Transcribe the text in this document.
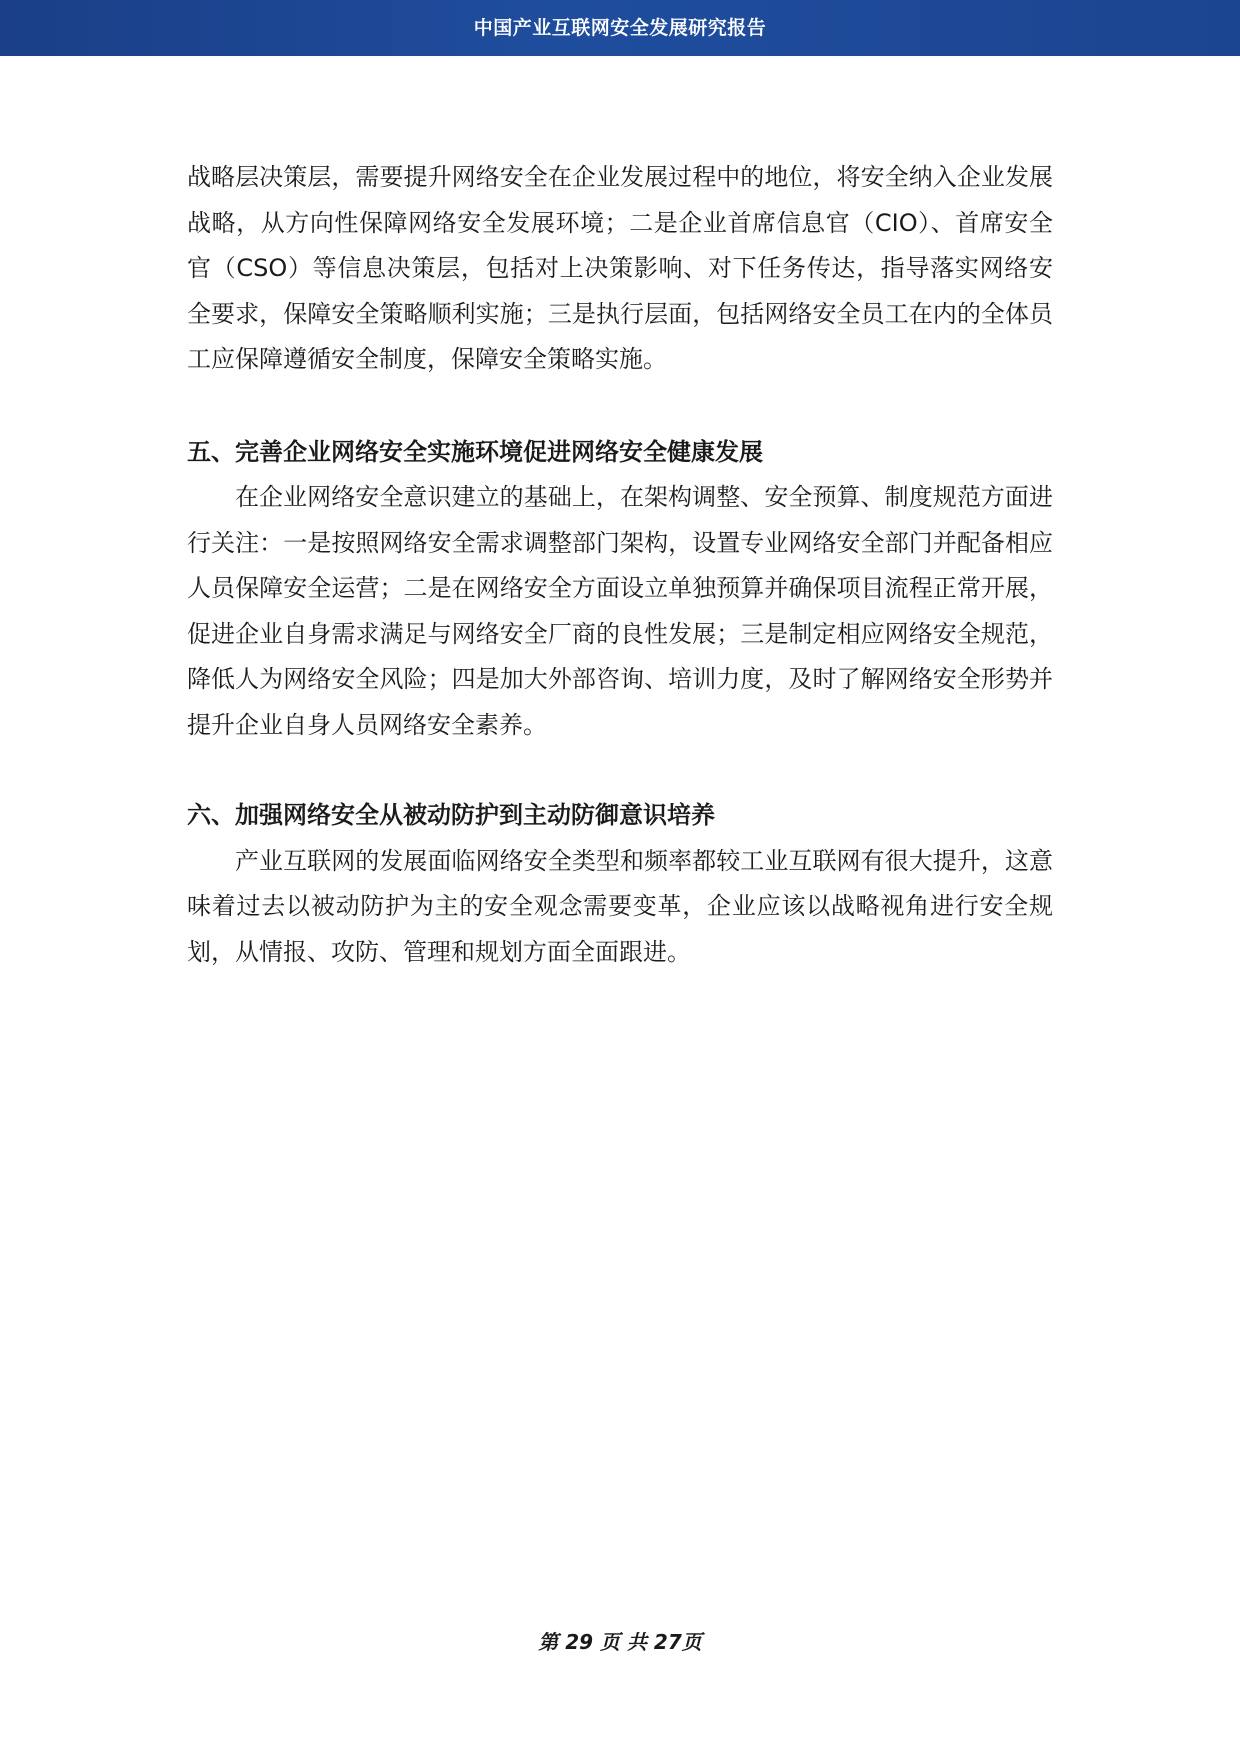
中国产业互联网安全发展研究报告

战略层决策层，需要提升网络安全在企业发展过程中的地位，将安全纳入企业发展战略，从方向性保障网络安全发展环境；二是企业首席信息官（CIO）、首席安全官（CSO）等信息决策层，包括对上决策影响、对下任务传达，指导落实网络安全要求，保障安全策略顺利实施；三是执行层面，包括网络安全员工在内的全体员工应保障遵循安全制度，保障安全策略实施。

五、完善企业网络安全实施环境促进网络安全健康发展

在企业网络安全意识建立的基础上，在架构调整、安全预算、制度规范方面进行关注：一是按照网络安全需求调整部门架构，设置专业网络安全部门并配备相应人员保障安全运营；二是在网络安全方面设立单独预算并确保项目流程正常开展，促进企业自身需求满足与网络安全厂商的良性发展；三是制定相应网络安全规范，降低人为网络安全风险；四是加大外部咨询、培训力度，及时了解网络安全形势并提升企业自身人员网络安全素养。

六、加强网络安全从被动防护到主动防御意识培养

产业互联网的发展面临网络安全类型和频率都较工业互联网有很大提升，这意味着过去以被动防护为主的安全观念需要变革，企业应该以战略视角进行安全规划，从情报、攻防、管理和规划方面全面跟进。

第 29 页 共 27页
